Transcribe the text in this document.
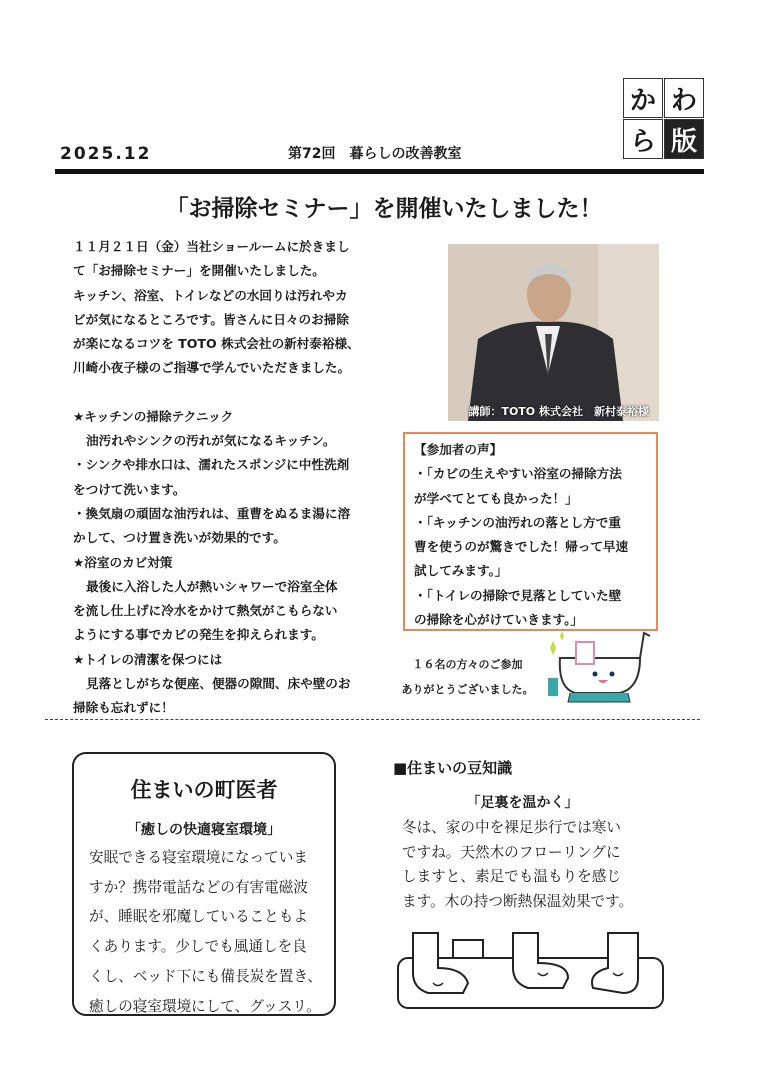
か わ
ら 版
2025.12	第72回　暮らしの改善教室
「お掃除セミナー」を開催いたしました！

１１月２１日（金）当社ショールームに於きまし

て「お掃除セミナー」を開催いたしました。

キッチン、浴室、トイレなどの水回りは汚れやカ

ビが気になるところです。皆さんに日々のお掃除

が楽になるコツを TOTO 株式会社の新村泰裕様、

川崎小夜子様のご指導で学んでいただきました。

★キッチンの掃除テクニック

油汚れやシンクの汚れが気になるキッチン。

・シンクや排水口は、濡れたスポンジに中性洗剤

をつけて洗います。

・換気扇の頑固な油汚れは、重曹をぬるま湯に溶

かして、つけ置き洗いが効果的です。

★浴室のカビ対策

最後に入浴した人が熱いシャワーで浴室全体

を流し仕上げに冷水をかけて熱気がこもらない

ようにする事でカビの発生を抑えられます。

★トイレの清潔を保つには

見落としがちな便座、便器の隙間、床や壁のお

掃除も忘れずに！

講師：TOTO 株式会社　新村泰裕様

【参加者の声】

・「カビの生えやすい浴室の掃除方法

が学べてとても良かった！」

・「キッチンの油汚れの落とし方で重

曹を使うのが驚きでした！帰って早速

試してみます。」

・「トイレの掃除で見落としていた壁

の掃除を心がけていきます。」

１６名の方々のご参加

ありがとうございました。

住まいの町医者
「癒しの快適寝室環境」

安眠できる寝室環境になっていま

すか？携帯電話などの有害電磁波

が、睡眠を邪魔していることもよ

くあります。少しでも風通しを良

くし、ベッド下にも備長炭を置き、

癒しの寝室環境にして、グッスリ。

■住まいの豆知識
「足裏を温かく」

冬は、家の中を裸足歩行では寒い

ですね。天然木のフローリングに

しますと、素足でも温もりを感じ

ます。木の持つ断熱保温効果です。
